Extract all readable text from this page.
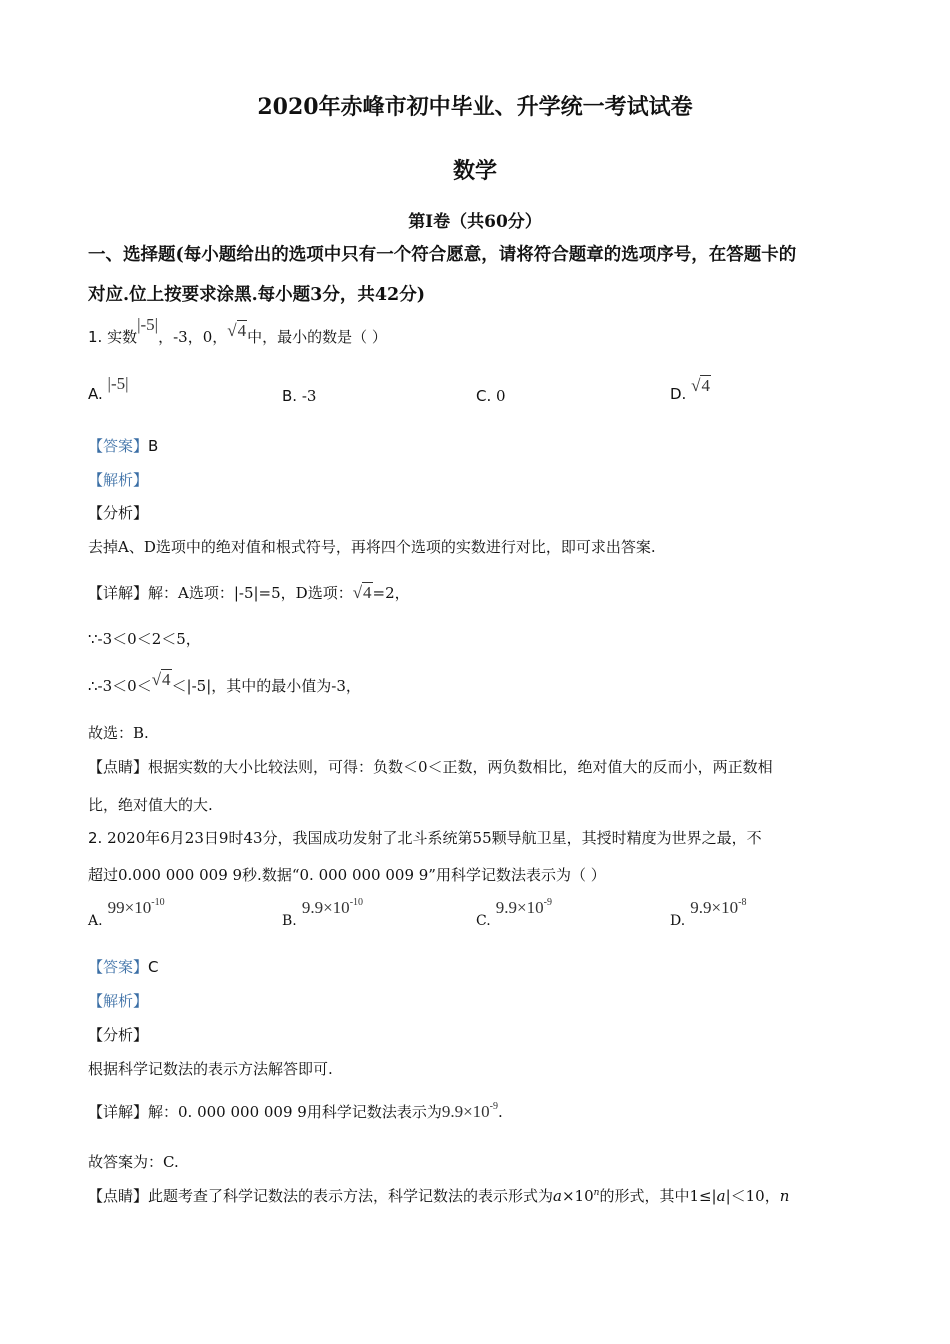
2020年赤峰市初中毕业、升学统一考试试卷
数学
第Ⅰ卷（共60分）
一、选择题(每小题给出的选项中只有一个符合愿意，请将符合题章的选项序号，在答题卡的
对应.位上按要求涂黑.每小题3分，共42分)
1. 实数|-5|，-3，0，√4中，最小的数是（ ）
A. |-5|
B. -3	C. 0	D. √4
【答案】B
【解析】
【分析】
去掉A、D选项中的绝对值和根式符号，再将四个选项的实数进行对比，即可求出答案.
【详解】解：A选项：|-5|=5，D选项：√4=2，
∵-3＜0＜2＜5，
∴-3＜0＜√4＜|-5|，其中的最小值为-3，
故选：B.
【点睛】根据实数的大小比较法则，可得：负数＜0＜正数，两负数相比，绝对值大的反而小，两正数相
比，绝对值大的大.
2. 2020年6月23日9时43分，我国成功发射了北斗系统第55颗导航卫星，其授时精度为世界之最，不
超过0.000 000 009 9秒.数据“0. 000 000 009 9”用科学记数法表示为（ ）
A. $99\times 10^{-10}$
B. $9.9\times 10^{-10}$
C. $9.9\times 10^{-9}$
D. $9.9\times 10^{-8}$
【答案】C
【解析】
【分析】
根据科学记数法的表示方法解答即可.
【详解】解：0. 000 000 009 9用科学记数法表示为$9.9\times 10^{-9}$.
故答案为：C.
【点睛】此题考查了科学记数法的表示方法，科学记数法的表示形式为$a\times 10^n$的形式，其中1≤|a|＜10，n
